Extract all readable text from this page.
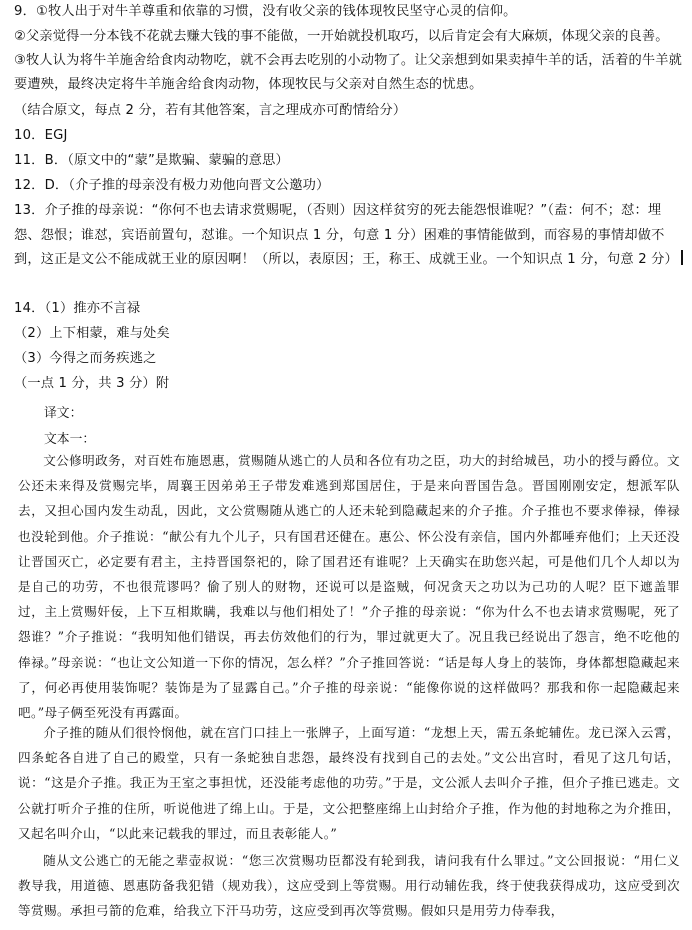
9．①牧人出于对牛羊尊重和依靠的习惯，没有收父亲的钱体现牧民坚守心灵的信仰。
②父亲觉得一分本钱不花就去赚大钱的事不能做，一开始就投机取巧，以后肯定会有大麻烦，体现父亲的良善。
③牧人认为将牛羊施舍给食肉动物吃，就不会再去吃别的小动物了。让父亲想到如果卖掉牛羊的话，活着的牛羊就要遭殃，最终决定将牛羊施舍给食肉动物，体现牧民与父亲对自然生态的忧患。
（结合原文，每点 2 分，若有其他答案，言之理成亦可酌情给分）
10．EGJ
11．B．（原文中的“蒙”是欺骗、蒙骗的意思）
12．D．（介子推的母亲没有极力劝他向晋文公邀功）
13．介子推的母亲说：“你何不也去请求赏赐呢，（否则）因这样贫穷的死去能怨恨谁呢？”（盍：何不；怼：埋怨、怨恨；谁怼，宾语前置句，怼谁。一个知识点 1 分，句意 1 分）困难的事情能做到，而容易的事情却做不到，这正是文公不能成就王业的原因啊！（所以，表原因；王，称王、成就王业。一个知识点 1 分，句意 2 分）
14．（1）推亦不言禄
（2）上下相蒙，难与处矣
（3）今得之而务疾逃之
（一点 1 分，共 3 分）附
译文：
文本一：
文公修明政务，对百姓布施恩惠，赏赐随从逃亡的人员和各位有功之臣，功大的封给城邑，功小的授与爵位。文公还未来得及赏赐完毕，周襄王因弟弟王子带发难逃到郑国居住，于是来向晋国告急。晋国刚刚安定，想派军队去，又担心国内发生动乱，因此，文公赏赐随从逃亡的人还未轮到隐藏起来的介子推。介子推也不要求俸禄，俸禄也没轮到他。介子推说：“献公有九个儿子，只有国君还健在。惠公、怀公没有亲信，国内外都唾弃他们；上天还没让晋国灭亡，必定要有君主，主持晋国祭祀的，除了国君还有谁呢？上天确实在助您兴起，可是他们几个人却以为是自己的功劳，不也很荒谬吗？偷了别人的财物，还说可以是盗贼，何况贪天之功以为己功的人呢？臣下遮盖罪过，主上赏赐奸佞，上下互相欺瞒，我难以与他们相处了！”介子推的母亲说：“你为什么不也去请求赏赐呢，死了怨谁？”介子推说：“我明知他们错误，再去仿效他们的行为，罪过就更大了。况且我已经说出了怨言，绝不吃他的俸禄。”母亲说：“也让文公知道一下你的情况，怎么样？”介子推回答说：“话是每人身上的装饰，身体都想隐藏起来了，何必再使用装饰呢？装饰是为了显露自己。”介子推的母亲说：“能像你说的这样做吗？那我和你一起隐藏起来吧。”母子俩至死没有再露面。
介子推的随从们很怜悯他，就在宫门口挂上一张牌子，上面写道：“龙想上天，需五条蛇辅佐。龙已深入云霄，四条蛇各自进了自己的殿堂，只有一条蛇独自悲怨，最终没有找到自己的去处。”文公出宫时，看见了这几句话，说：“这是介子推。我正为王室之事担忧，还没能考虑他的功劳。”于是，文公派人去叫介子推，但介子推已逃走。文公就打听介子推的住所，听说他进了绵上山。于是，文公把整座绵上山封给介子推，作为他的封地称之为介推田，又起名叫介山，“以此来记载我的罪过，而且表彰能人。”
随从文公逃亡的无能之辈壶叔说：“您三次赏赐功臣都没有轮到我，请问我有什么罪过。”文公回报说：“用仁义教导我，用道德、恩惠防备我犯错（规劝我），这应受到上等赏赐。用行动辅佐我，终于使我获得成功，这应受到次等赏赐。承担弓箭的危难，给我立下汗马功劳，这应受到再次等赏赐。假如只是用劳力侍奉我，
